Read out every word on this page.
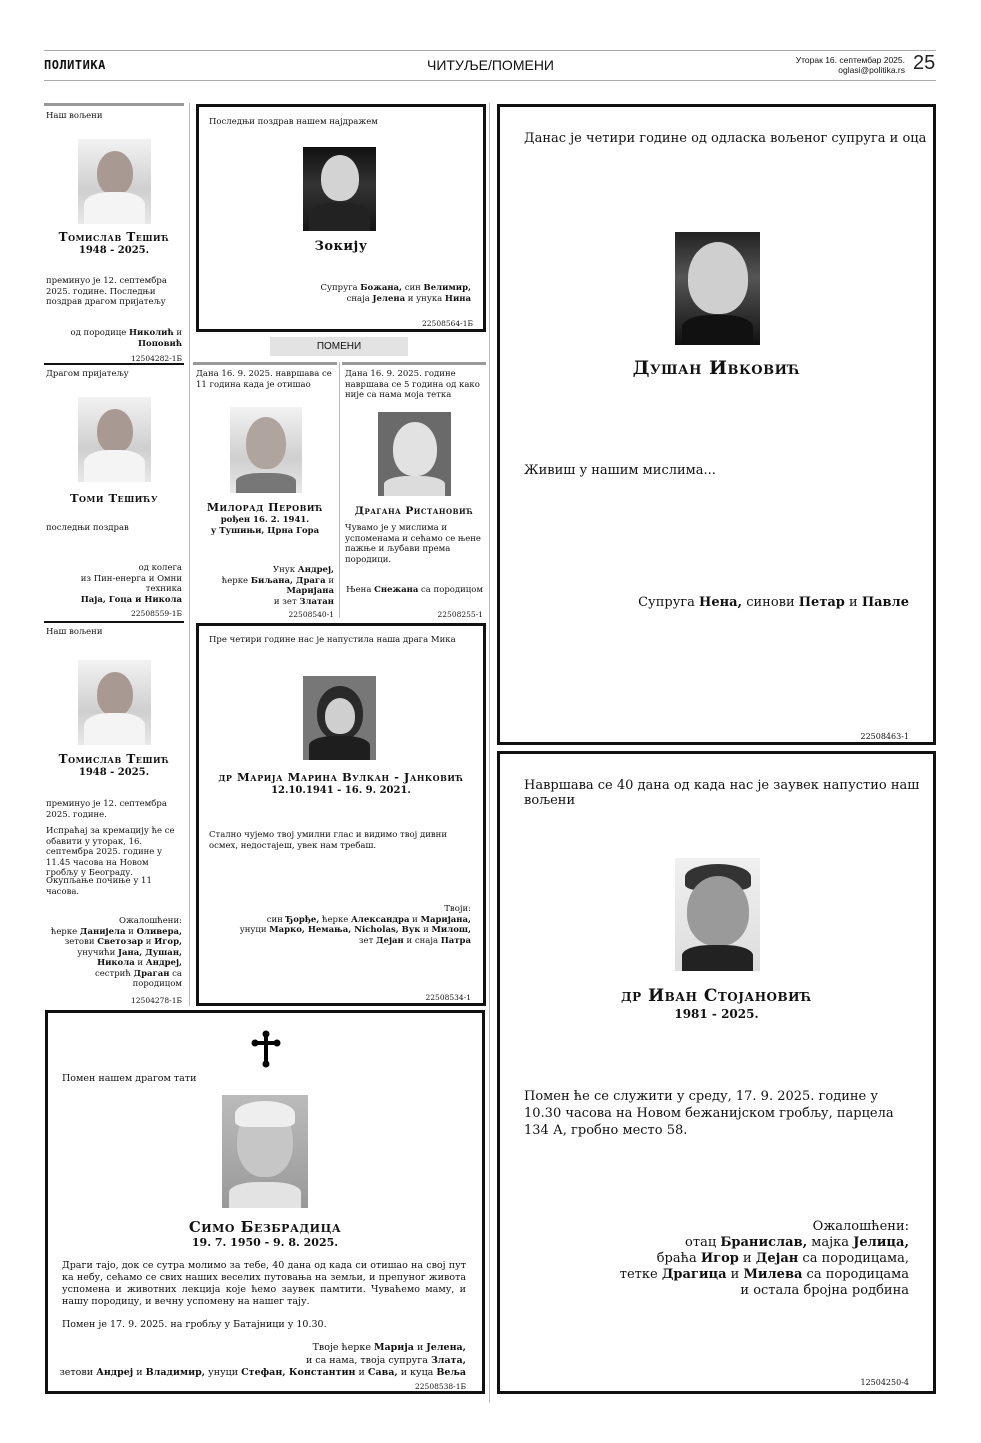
ПОЛИТИКА	ЧИТУЉЕ/ПОМЕНИ	Уторак 16. септембар 2025.
oglasi@politika.rs 25
Наш вољени
Томислав Тешић
1948 - 2025.
преминуо је 12. септембра 2025. године. Последњи поздрав драгом пријатељу
од породице Николић и Поповић
12504282-1Б
Последњи поздрав нашем најдражем
Зокију
Супруга Божана, син Велимир,
снаја Јелена и унука Нина
22508564-1Б
ПОМЕНИ
Драгом пријатељу
Томи Тешићу
последњи поздрав
од колега
из Пин-енерга и Омни техника
Паја, Гоца и Никола
22508559-1Б
Дана 16. 9. 2025. навршава се 11 година када је отишао
Милорад Перовић
рођен 16. 2. 1941.
у Тушињи, Црна Гора
Унук Андреј,
ћерке Биљана, Драга и Маријана
и зет Златан
22508540-1
Дана 16. 9. 2025. године навршава се 5 година од како није са нама моја тетка
Драгана Ристановић
Чувамо је у мислима и успоменама и сећамо се њене пажње и љубави према породици.
Њена Снежана са породицом
22508255-1
Наш вољени
Томислав Тешић
1948 - 2025.
преминуо је 12. септембра 2025. године.
Испраћај за кремацију ће се обавити у уторак, 16. септембра 2025. године у 11.45 часова на Новом гробљу у Београду.
Окупљање почиње у 11 часова.
Ожалошћени:
ћерке Данијела и Оливера,
зетови Светозар и Игор,
унучићи Јана, Душан,
Никола и Андреј,
сестрић Драган са породицом
12504278-1Б
Пре четири године нас је напустила наша драга Мика
др Марија Марина Вулкан - Јанковић
12.10.1941 - 16. 9. 2021.
Стално чујемо твој умилни глас и видимо твој дивни осмех, недостајеш, увек нам требаш.
Твоји:
син Ђорђе, ћерке Александра и Маријана,
унуци Марко, Немања, Nicholas, Вук и Милош,
зет Дејан и снаја Патра
22508534-1
Помен нашем драгом тати
Симо Безбрадица
19. 7. 1950 - 9. 8. 2025.
Драги тајо, док се сутра молимо за тебе, 40 дана од када си отишао на свој пут ка небу, сећамо се свих наших веселих путовања на земљи, и препуног живота успомена и животних лекција које ћемо заувек памтити. Чуваћемо маму, и нашу породицу, и вечну успомену на нашег тају.
Помен је 17. 9. 2025. на гробљу у Батајници у 10.30.
Твоје ћерке Марија и Јелена,
и са нама, твоја супруга Злата,
зетови Андреј и Владимир, унуци Стефан, Константин и Сава, и куца Веља
22508538-1Б
Данас је четири године од одласка вољеног супруга и оца
Душан Ивковић
Живиш у нашим мислима...
Супруга Нена, синови Петар и Павле
22508463-1
Навршава се 40 дана од када нас је заувек напустио наш вољени
др Иван Стојановић
1981 - 2025.
Помен ће се служити у среду, 17. 9. 2025. године у 10.30 часова на Новом бежанијском гробљу, парцела 134 А, гробно место 58.
Ожалошћени:
отац Бранислав, мајка Јелица,
браћа Игор и Дејан са породицама,
тетке Драгица и Милева са породицама
и остала бројна родбина
12504250-4
